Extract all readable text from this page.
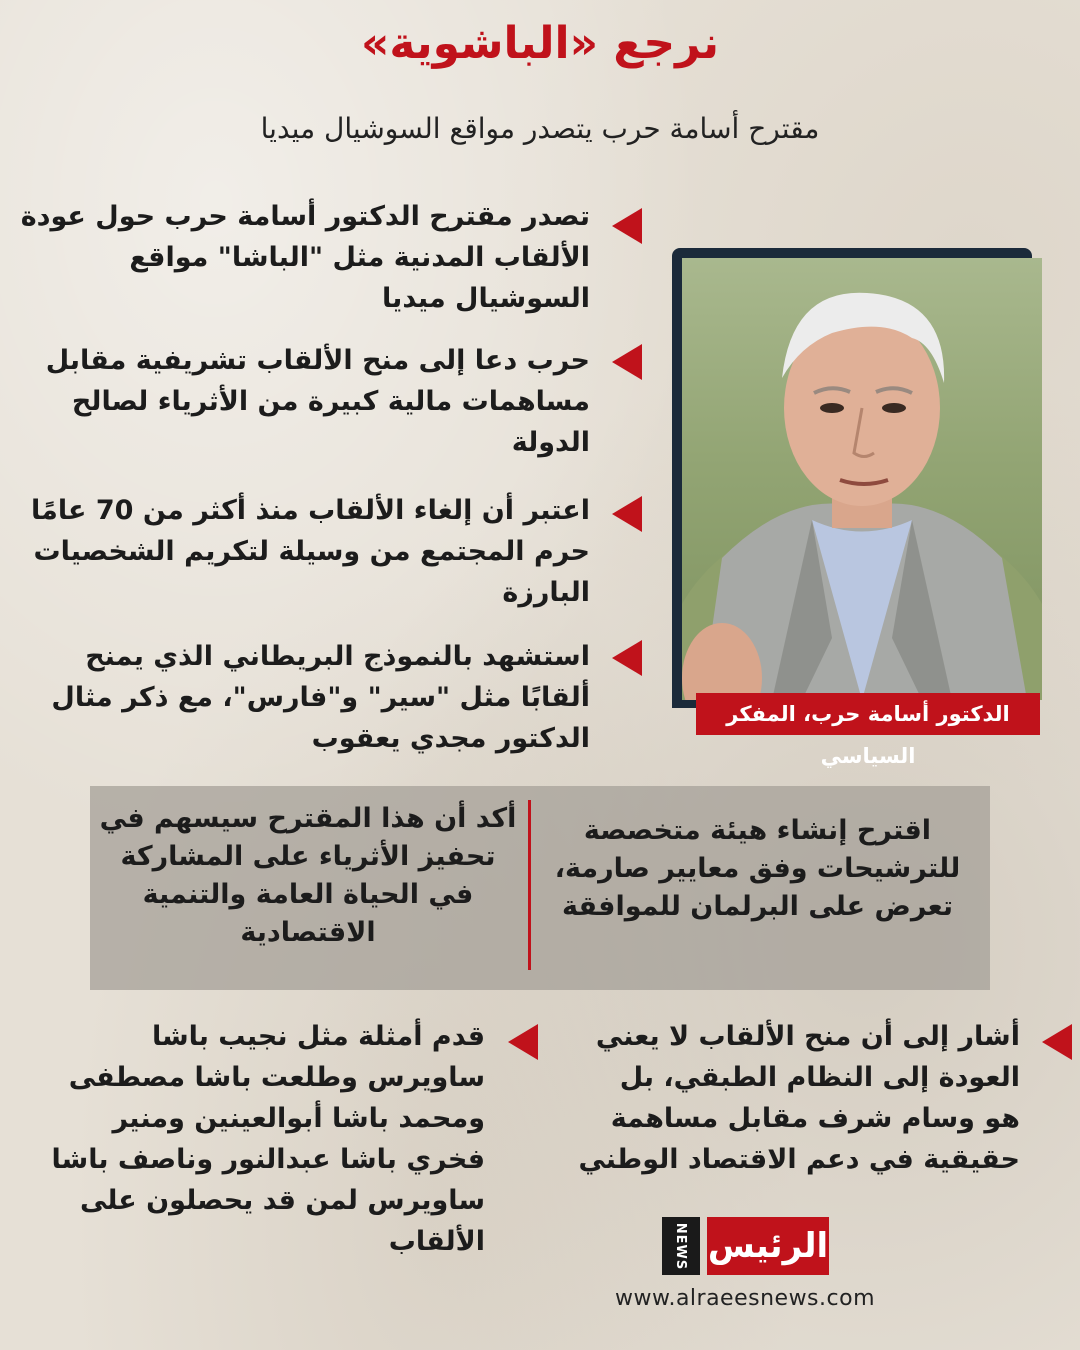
نرجع «الباشوية»
مقترح أسامة حرب يتصدر مواقع السوشيال ميديا
تصدر مقترح الدكتور أسامة حرب حول عودة الألقاب المدنية مثل "الباشا" مواقع السوشيال ميديا
حرب دعا إلى منح الألقاب تشريفية مقابل مساهمات مالية كبيرة من الأثرياء لصالح الدولة
اعتبر أن إلغاء الألقاب منذ أكثر من 70 عامًا حرم المجتمع من وسيلة لتكريم الشخصيات البارزة
استشهد بالنموذج البريطاني الذي يمنح ألقابًا مثل "سير" و"فارس"، مع ذكر مثال الدكتور مجدي يعقوب
الدكتور أسامة حرب، المفكر السياسي
أكد أن هذا المقترح سيسهم في تحفيز الأثرياء على المشاركة في الحياة العامة والتنمية الاقتصادية
اقترح إنشاء هيئة متخصصة للترشيحات وفق معايير صارمة، تعرض على البرلمان للموافقة
أشار إلى أن منح الألقاب لا يعني العودة إلى النظام الطبقي، بل هو وسام شرف مقابل مساهمة حقيقية في دعم الاقتصاد الوطني
قدم أمثلة مثل نجيب باشا ساويرس وطلعت باشا مصطفى ومحمد باشا أبوالعينين ومنير فخري باشا عبدالنور وناصف باشا ساويرس لمن قد يحصلون على الألقاب	NEWS الرئيس
www.alraeesnews.com
